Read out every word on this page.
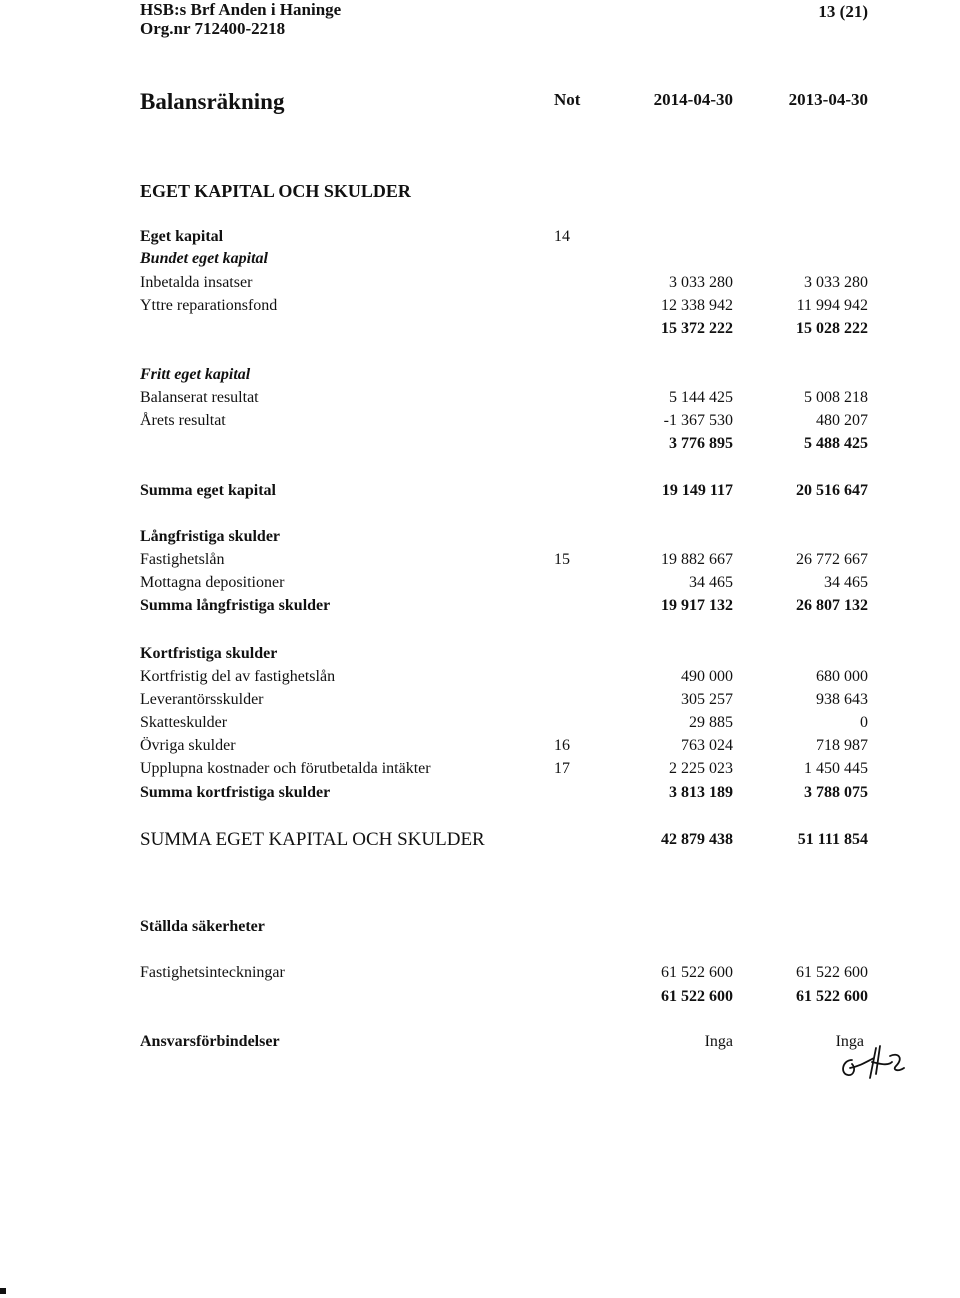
HSB:s Brf Anden i Haninge
Org.nr 712400-2218
13 (21)
Balansräkning	Not	2014-04-30	2013-04-30
EGET KAPITAL OCH SKULDER
Eget kapital	14
Bundet eget kapital
Inbetalda insatser	3 033 280	3 033 280
Yttre reparationsfond	12 338 942	11 994 942
15 372 222	15 028 222
Fritt eget kapital
Balanserat resultat	5 144 425	5 008 218
Årets resultat	-1 367 530	480 207
3 776 895	5 488 425
Summa eget kapital	19 149 117	20 516 647
Långfristiga skulder
Fastighetslån	15	19 882 667	26 772 667
Mottagna depositioner	34 465	34 465
Summa långfristiga skulder	19 917 132	26 807 132
Kortfristiga skulder
Kortfristig del av fastighetslån	490 000	680 000
Leverantörsskulder	305 257	938 643
Skatteskulder	29 885	0
Övriga skulder	16	763 024	718 987
Upplupna kostnader och förutbetalda intäkter	17	2 225 023	1 450 445
Summa kortfristiga skulder	3 813 189	3 788 075
SUMMA EGET KAPITAL OCH SKULDER	42 879 438	51 111 854
Ställda säkerheter
Fastighetsinteckningar	61 522 600	61 522 600
61 522 600	61 522 600
Ansvarsförbindelser	Inga	Inga
